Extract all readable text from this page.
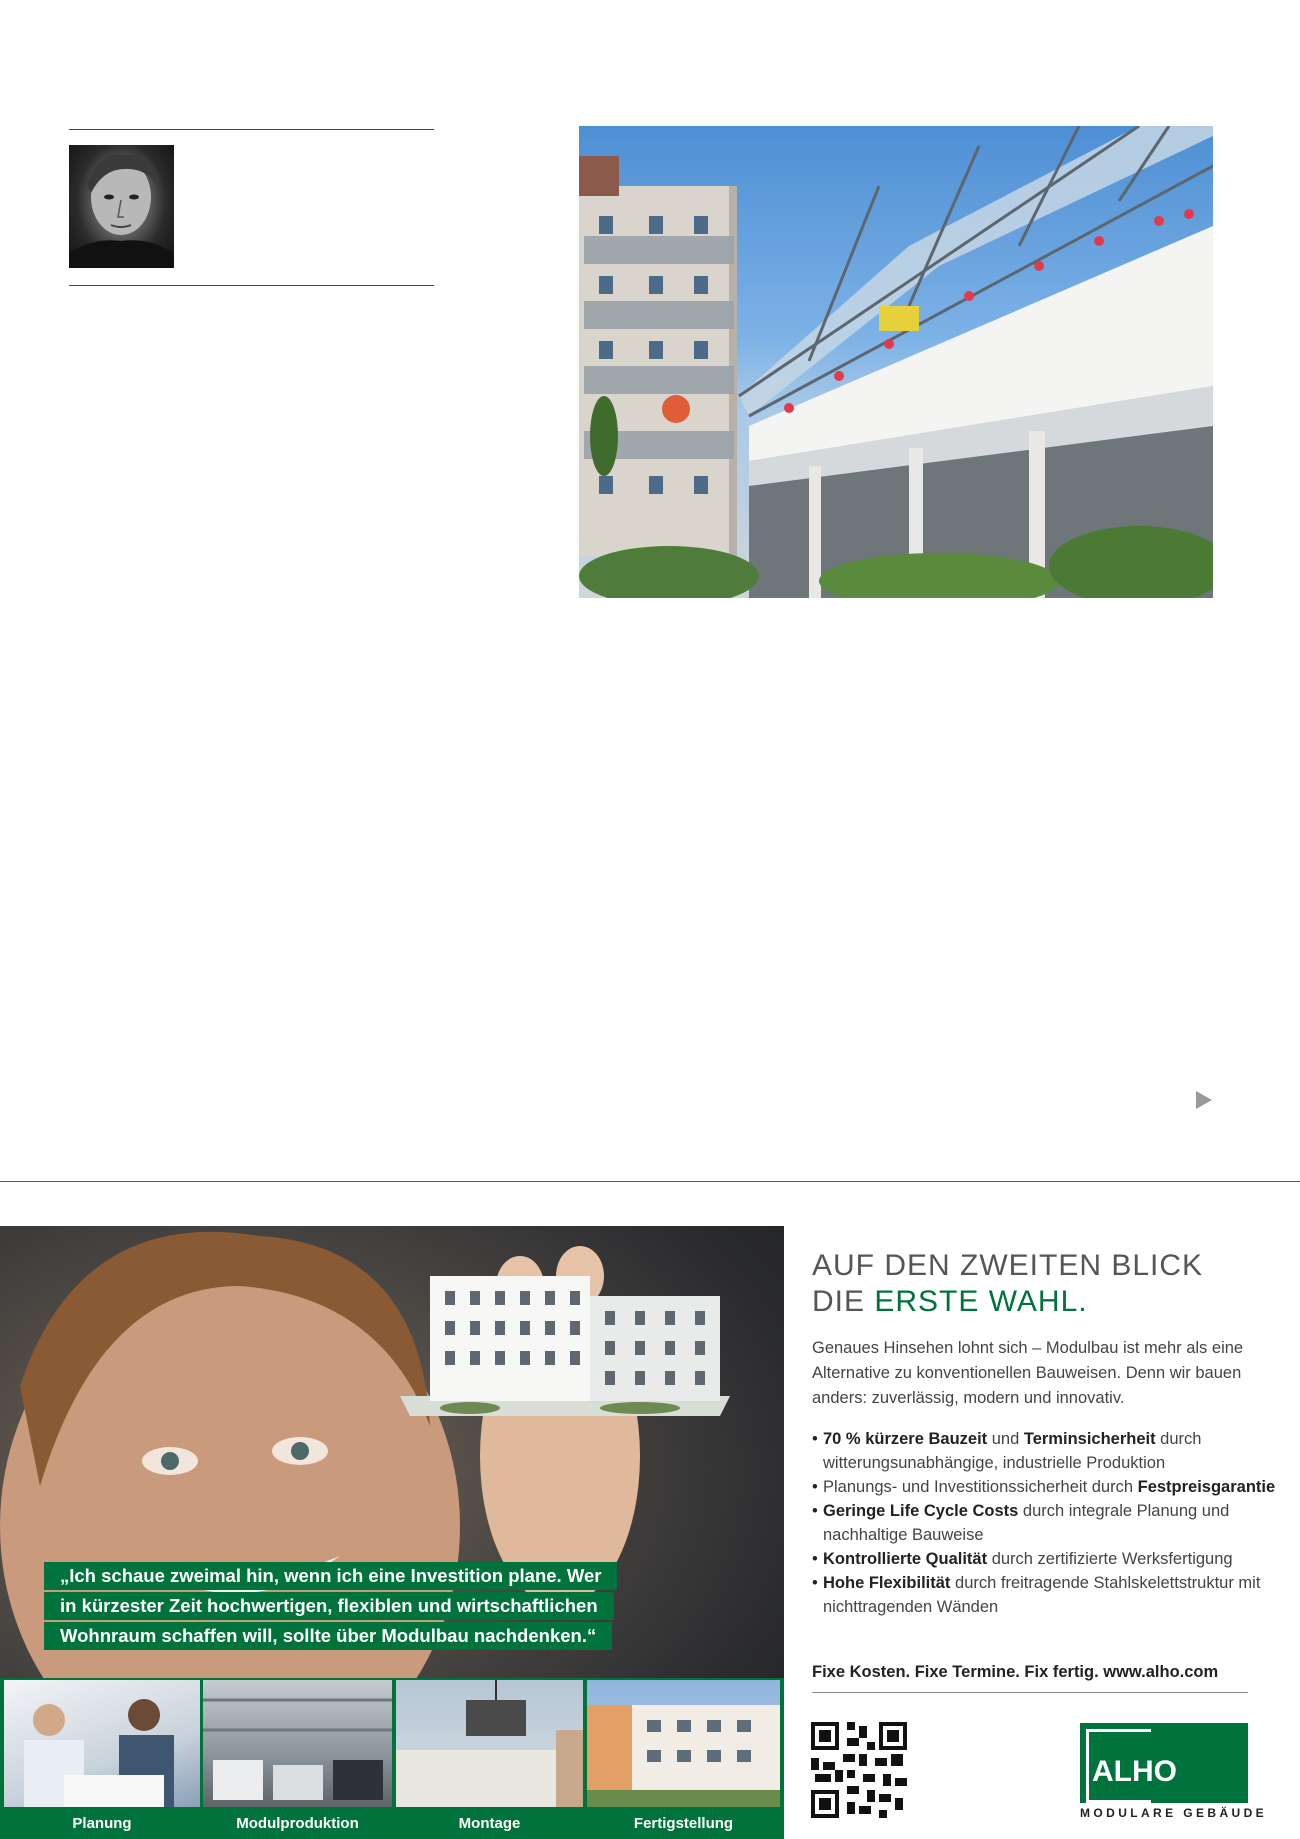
„Ich schaue zweimal hin, wenn ich eine Investition plane. Wer
in kürzester Zeit hochwertigen, flexiblen und wirtschaftlichen
Wohnraum schaffen will, sollte über Modulbau nachdenken.“
Planung	Modulproduktion	Montage	Fertigstellung
AUF DEN ZWEITEN BLICK
DIE ERSTE WAHL.
Genaues Hinsehen lohnt sich – Modulbau ist mehr als eine Alternative zu konventionellen Bauweisen. Denn wir bauen anders: zuverlässig, modern und innovativ.
• 70 % kürzere Bauzeit und Terminsicherheit durch witterungsunabhängige, industrielle Produktion
• Planungs- und Investitionssicherheit durch Festpreisgarantie
• Geringe Life Cycle Costs durch integrale Planung und nachhaltige Bauweise
• Kontrollierte Qualität durch zertifizierte Werksfertigung
• Hohe Flexibilität durch freitragende Stahlskelettstruktur mit nichttragenden Wänden
Fixe Kosten. Fixe Termine. Fix fertig. www.alho.com
ALHO
MODULARE GEBÄUDE
